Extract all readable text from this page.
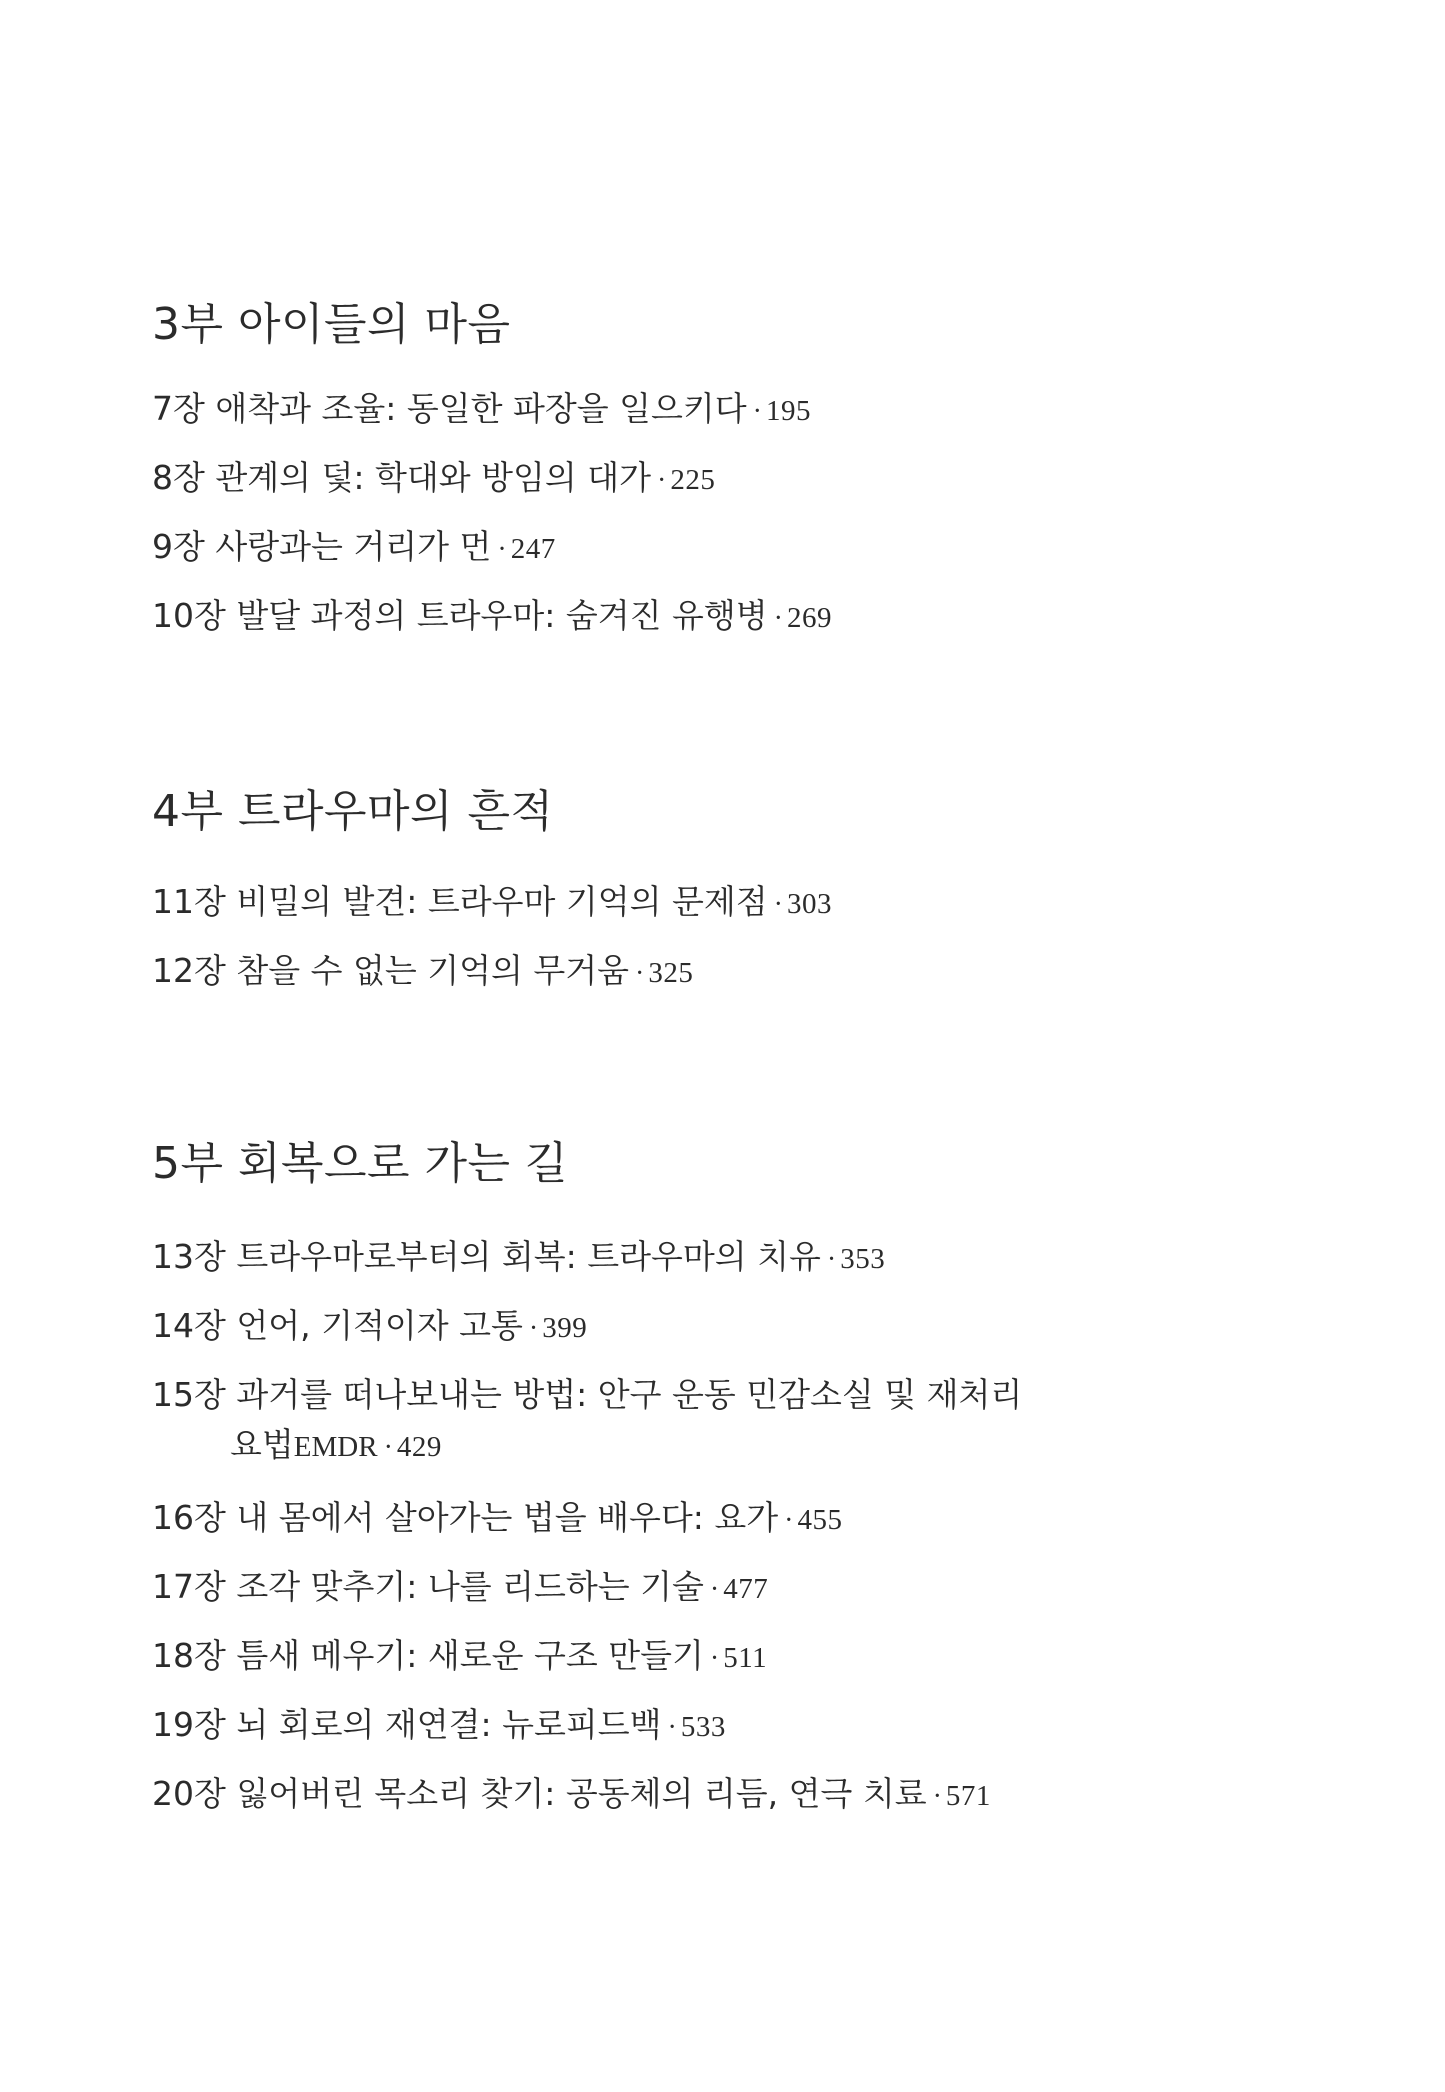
3부 아이들의 마음

7장 애착과 조율: 동일한 파장을 일으키다 · 195

8장 관계의 덫: 학대와 방임의 대가 · 225

9장 사랑과는 거리가 먼 · 247

10장 발달 과정의 트라우마: 숨겨진 유행병 · 269

4부 트라우마의 흔적

11장 비밀의 발견: 트라우마 기억의 문제점 · 303

12장 참을 수 없는 기억의 무거움 · 325

5부 회복으로 가는 길

13장 트라우마로부터의 회복: 트라우마의 치유 · 353

14장 언어, 기적이자 고통 · 399

15장 과거를 떠나보내는 방법: 안구 운동 민감소실 및 재처리
요법EMDR · 429

16장 내 몸에서 살아가는 법을 배우다: 요가 · 455

17장 조각 맞추기: 나를 리드하는 기술 · 477

18장 틈새 메우기: 새로운 구조 만들기 · 511

19장 뇌 회로의 재연결: 뉴로피드백 · 533

20장 잃어버린 목소리 찾기: 공동체의 리듬, 연극 치료 · 571
